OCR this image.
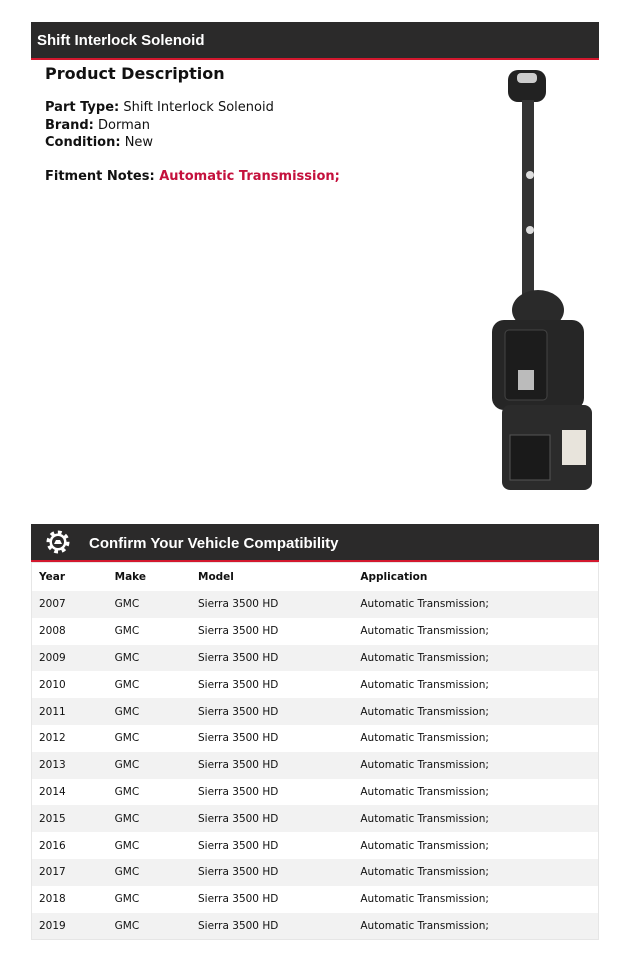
Shift Interlock Solenoid
Product Description
Part Type: Shift Interlock Solenoid
Brand: Dorman
Condition: New
Fitment Notes: Automatic Transmission;
Confirm Your Vehicle Compatibility
Year	Make	Model	Application
2007	GMC	Sierra 3500 HD	Automatic Transmission;
2008	GMC	Sierra 3500 HD	Automatic Transmission;
2009	GMC	Sierra 3500 HD	Automatic Transmission;
2010	GMC	Sierra 3500 HD	Automatic Transmission;
2011	GMC	Sierra 3500 HD	Automatic Transmission;
2012	GMC	Sierra 3500 HD	Automatic Transmission;
2013	GMC	Sierra 3500 HD	Automatic Transmission;
2014	GMC	Sierra 3500 HD	Automatic Transmission;
2015	GMC	Sierra 3500 HD	Automatic Transmission;
2016	GMC	Sierra 3500 HD	Automatic Transmission;
2017	GMC	Sierra 3500 HD	Automatic Transmission;
2018	GMC	Sierra 3500 HD	Automatic Transmission;
2019	GMC	Sierra 3500 HD	Automatic Transmission;
